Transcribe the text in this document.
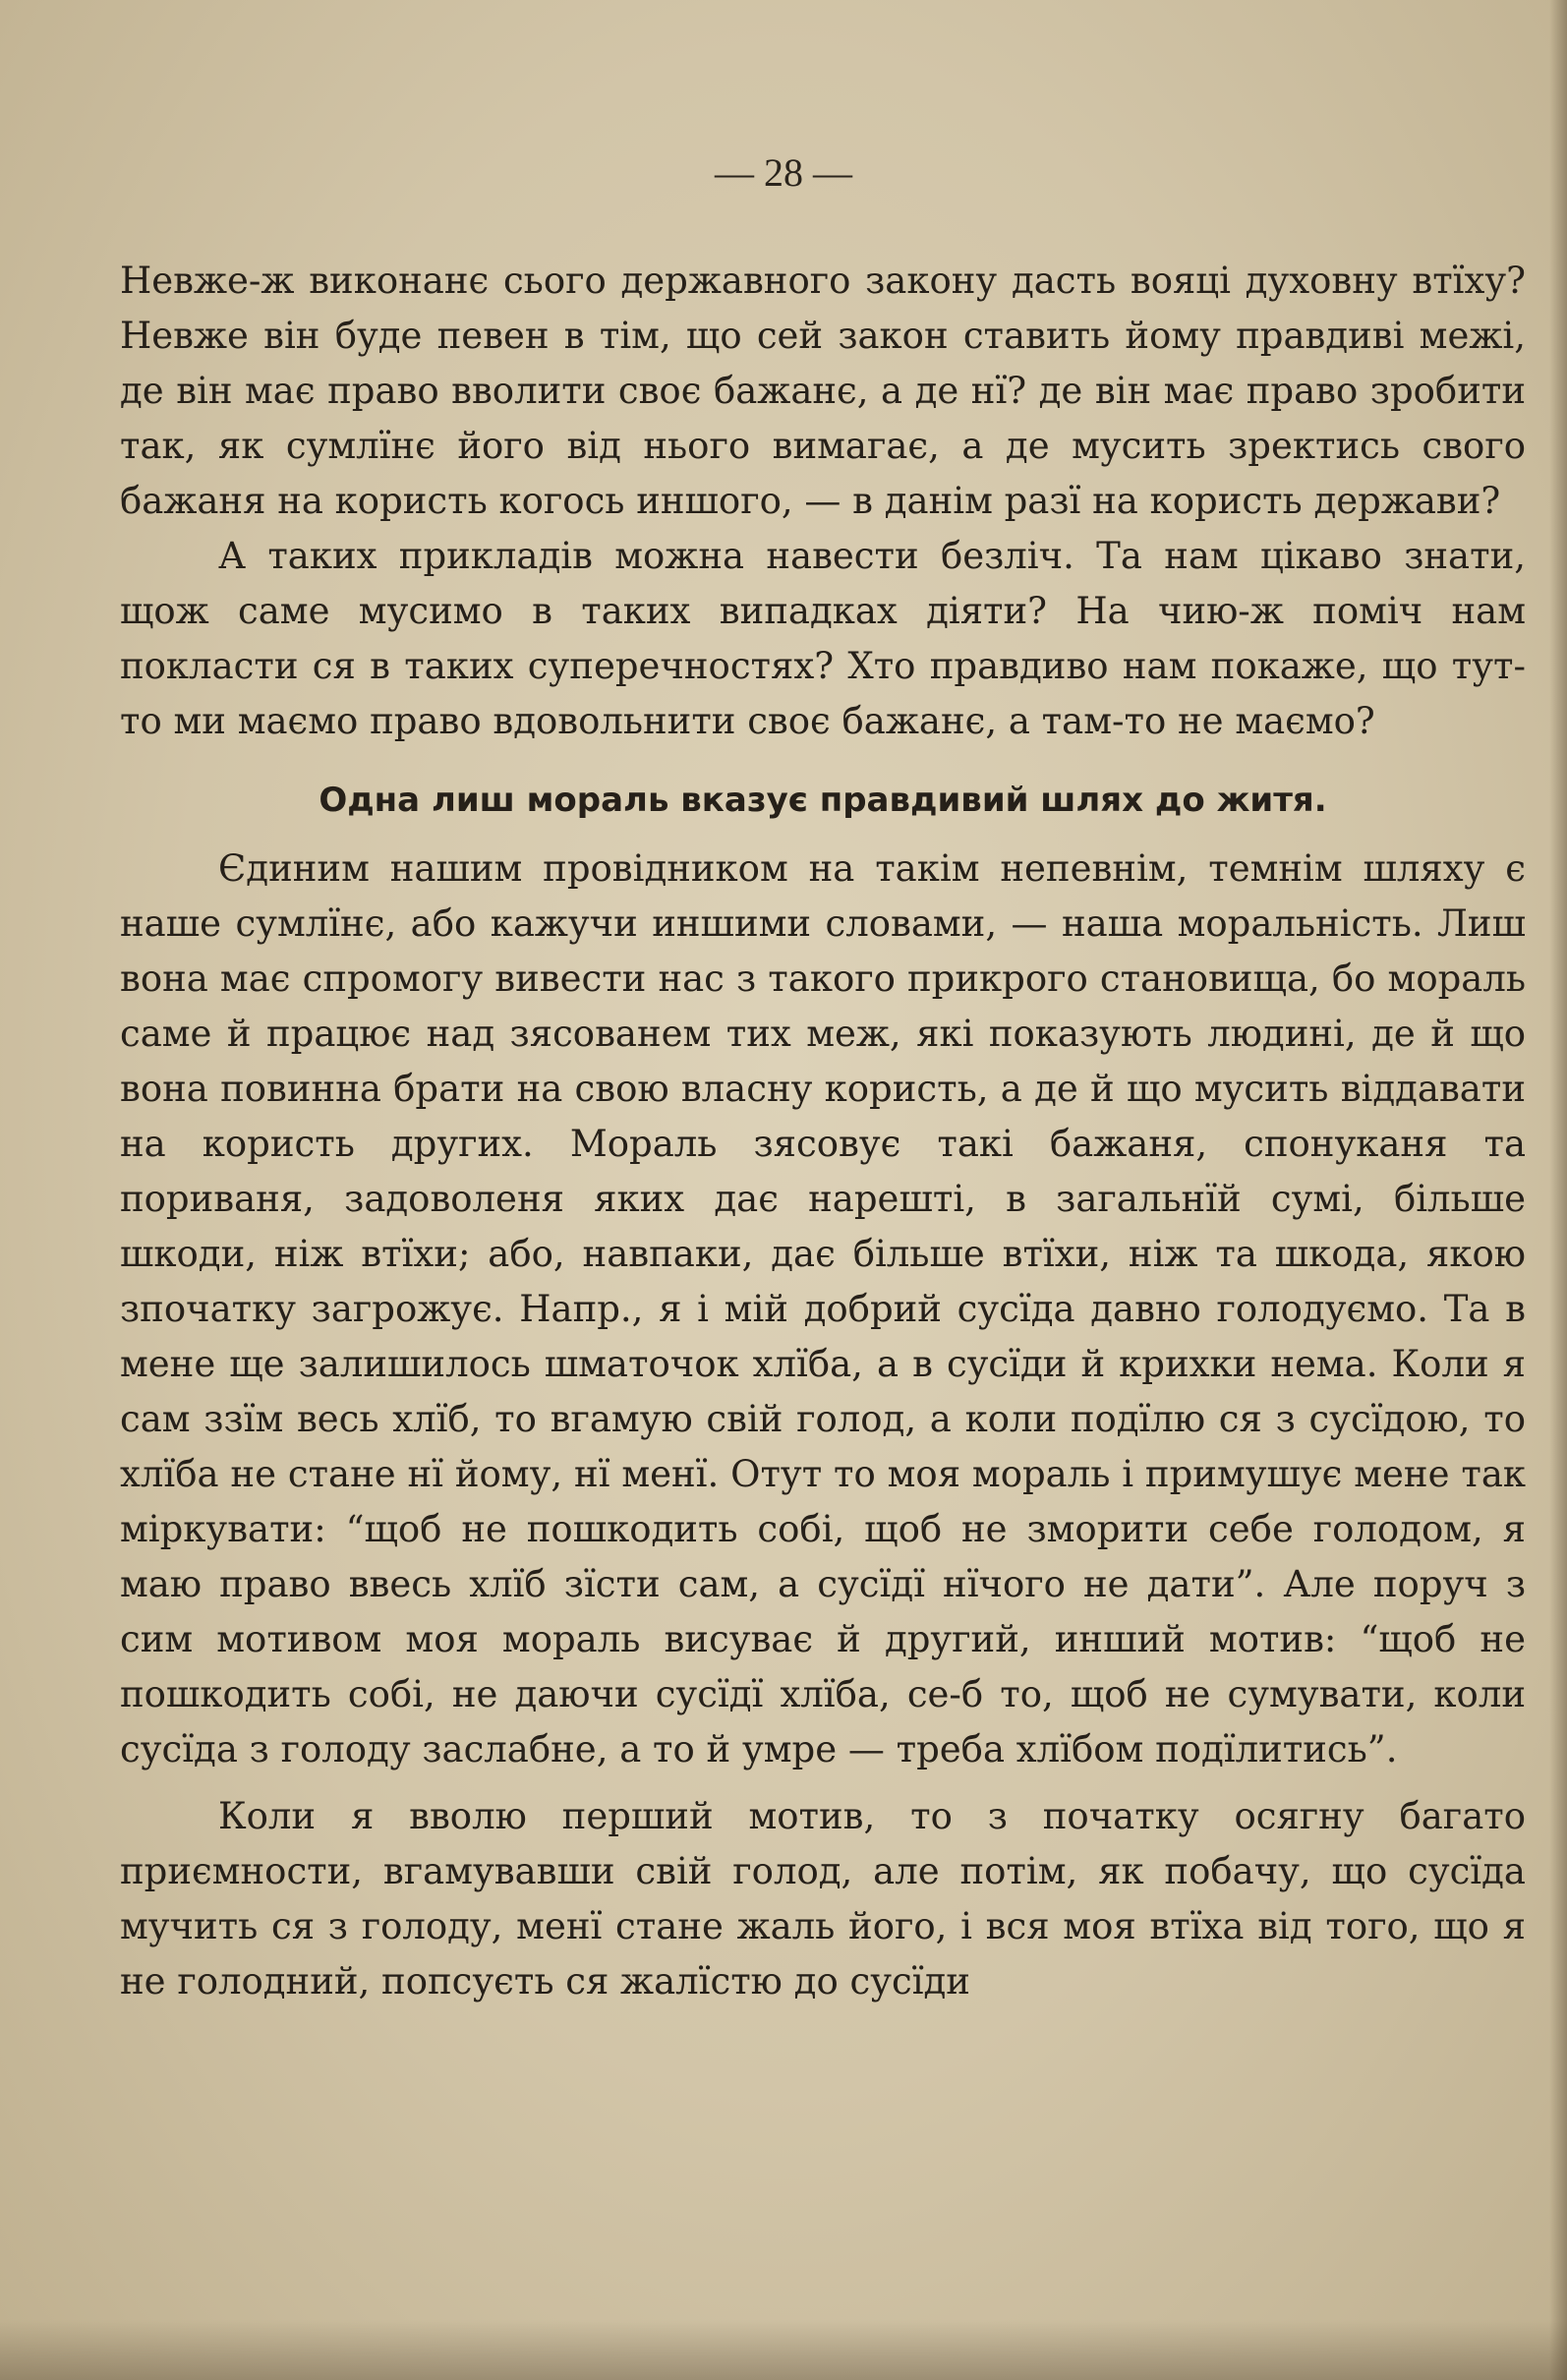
— 28 —

Невже-ж виконанє сього державного закону дасть вояці духовну втїху? Невже він буде певен в тім, що сей закон ставить йому правдиві межі, де він має право вволити своє бажанє, а де нї? де він має право зробити так, як сумлїнє його від нього вимагає, а де мусить зректись свого бажаня на користь когось иншого, — в данім разї на користь держави?

А таких прикладів можна навести безліч. Та нам цікаво знати, щож саме мусимо в таких випадках діяти? На чию-ж поміч нам покласти ся в таких суперечностях? Хто правдиво нам покаже, що тут-то ми маємо право вдовольнити своє бажанє, а там-то не маємо?

Одна лиш мораль вказує правдивий шлях до житя.

Єдиним нашим провідником на такім непевнім, темнім шляху є наше сумлїнє, або кажучи иншими словами, — наша моральність. Лиш вона має спромогу вивести нас з такого прикрого становища, бо мораль саме й працює над зясованем тих меж, які показують людині, де й що вона повинна брати на свою власну користь, а де й що мусить віддавати на користь других. Мораль зясовує такі бажаня, спонуканя та пориваня, задоволеня яких дає нарешті, в загальнїй сумі, більше шкоди, ніж втїхи; або, навпаки, дає більше втїхи, ніж та шкода, якою зпочатку загрожує. Напр., я і мій добрий сусїда давно голодуємо. Та в мене ще залишилось шматочок хлїба, а в сусїди й крихки нема. Коли я сам ззїм весь хлїб, то вгамую свій голод, а коли подїлю ся з сусїдою, то хлїба не стане нї йому, нї менї. Отут то моя мораль і примушує мене так міркувати: “щоб не пошкодить собі, щоб не зморити себе голодом, я маю право ввесь хлїб зїсти сам, а сусїдї нїчого не дати”. Але поруч з сим мотивом моя мораль висуває й другий, инший мотив: “щоб не пошкодить собі, не даючи сусїдї хлїба, се-б то, щоб не сумувати, коли сусїда з голоду заслабне, а то й умре — треба хлїбом подїлитись”.

Коли я вволю перший мотив, то з початку осягну багато приємности, вгамувавши свій голод, але потім, як побачу, що сусїда мучить ся з голоду, менї стане жаль його, і вся моя втїха від того, що я не голодний, попсуєть ся жалїстю до сусїди
